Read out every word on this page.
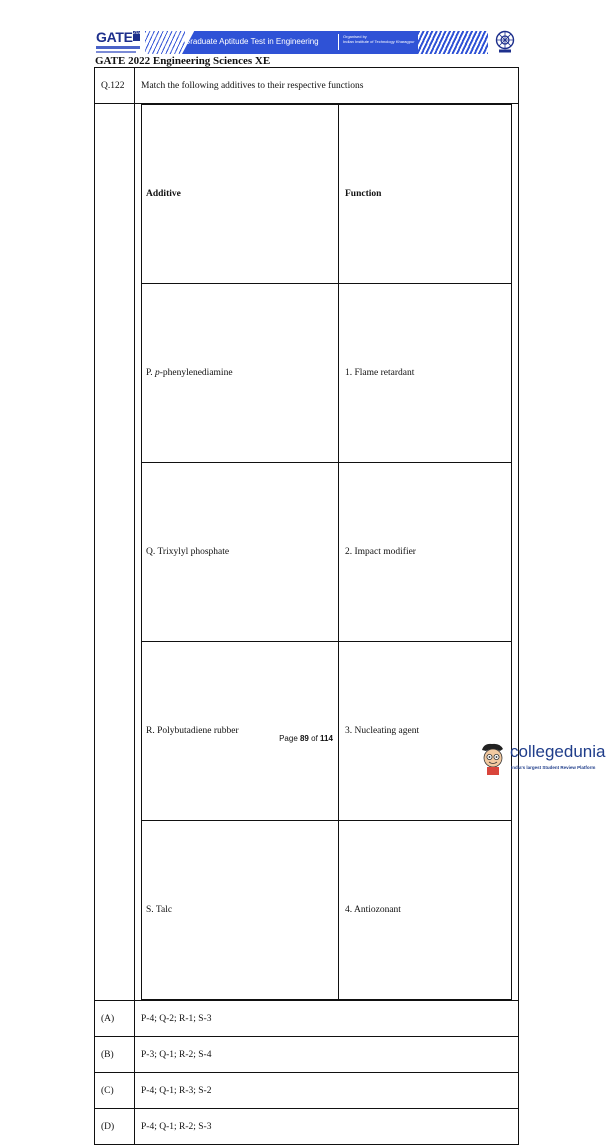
GATE 2022
Graduate Aptitude Test in Engineering
Organised by
Indian Institute of Technology Kharagpur
GATE 2022 Engineering Sciences XE
Q.122	Match the following additives to their respective functions

Additive	Function
P. p-phenylenediamine	1. Flame retardant
Q. Trixylyl phosphate	2. Impact modifier
R. Polybutadiene rubber	3. Nucleating agent
S. Talc	4. Antiozonant

(A)	P-4; Q-2; R-1; S-3
(B)	P-3; Q-1; R-2; S-4
(C)	P-4; Q-1; R-3; S-2
(D)	P-4; Q-1; R-2; S-3
Page 89 of 114
collegedunia
India's largest Student Review Platform
